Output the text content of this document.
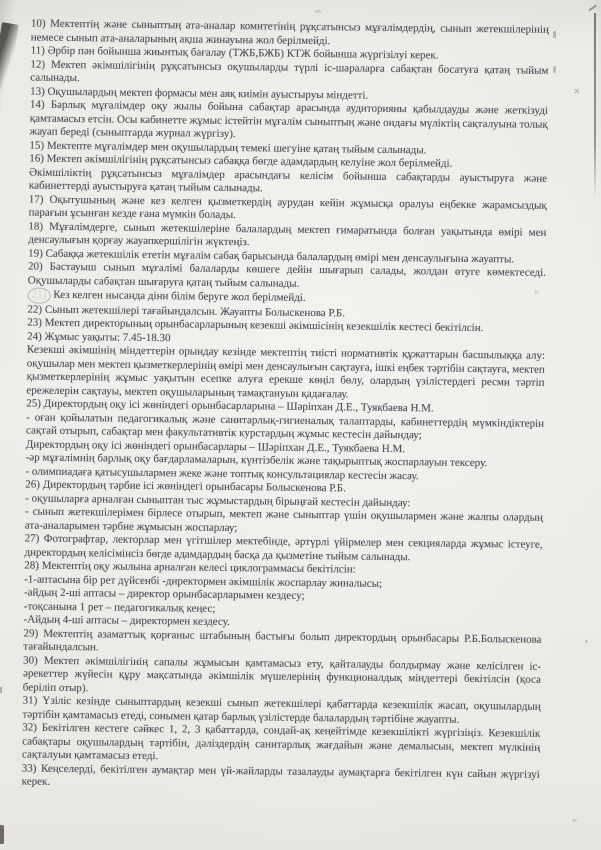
×
×

10) Мектептің және сыныптың ата-аналар комитетінің рұқсатынсыз мұғалімдердің, сынып жетекшілерінің немесе сынып ата-аналарының ақша жинауына жол берілмейді.

11) Әрбір пән бойынша жиынтық бағалау (ТЖБ,БЖБ) КТЖ бойынша жүргізілуі керек.

12) Мектеп әкімшілігінің рұқсатынсыз оқушыларды түрлі іс-шараларға сабақтан босатуға қатаң тыйым салынады.

13) Оқушылардың мектеп формасы мен аяқ киімін ауыстыруы міндетті.

14) Барлық мұғалімдер оқу жылы бойына сабақтар арасында аудиторияны қабылдауды және жеткізуді қамтамасыз етсін. Осы кабинетте жұмыс істейтін мұғалім сыныптың және ондағы мүліктің сақталуына толық жауап береді (сыныптарда журнал жүргізу).

15) Мектепте мұғалімдер мен оқушылардың темекі шегуіне қатаң тыйым салынады.

16) Мектеп әкімшілігінің рұқсатынсыз сабаққа бөгде адамдардың келуіне жол берілмейді.

Әкімшіліктің рұқсатынсыз мұғалімдер арасындағы келісім бойынша сабақтарды ауыстыруға және кабинеттерді ауыстыруға қатаң тыйым салынады.

17) Оқытушының және кез келген қызметкердің аурудан кейін жұмысқа оралуы еңбекке жарамсыздық парағын ұсынған кезде ғана мүмкін болады.

18) Мұғалімдерге, сынып жетекшілеріне балалардың мектеп ғимаратында болған уақытында өмірі мен денсаулығын қорғау жауапкершілігін жүктеңіз.

19) Сабаққа жетекшілік ететін мұғалім сабақ барысында балалардың өмірі мен денсаулығына жауапты.

20) Бастауыш сынып мұғалімі балаларды көшеге дейін шығарып салады, жолдан өтуге көмектеседі. Оқушыларды сабақтан шығаруға қатаң тыйым салынады.

21) Кез келген нысанда діни білім беруге жол берілмейді.

22) Сынып жетекшілері тағайындалсын. Жауапты Болыскенова Р.Б.

23) Мектеп директорының орынбасарларының кезекші әкімшісінің кезекшілік кестесі бекітілсін.

24) Жұмыс уақыты: 7.45-18.30

Кезекші әкімшінің міндеттерін орындау кезінде мектептің тиісті нормативтік құжаттарын басшылыққа алу: оқушылар мен мектеп қызметкерлерінің өмірі мен денсаулығын сақтауға, ішкі еңбек тәртібін сақтауға, мектеп қызметкерлерінің жұмыс уақытын есепке алуға ерекше көңіл бөлу, олардың үзілістердегі ресми тәртіп ережелерін сақтауы, мектеп оқушыларының тамақтануын қадағалау.

25) Директордың оқу ісі жөніндегі орынбасарларына – Шәріпхан Д.Е., Туякбаева Н.М.

- оған қойылатын педагогикалық және санитарлық-гигиеналық талаптарды, кабинеттердің мүмкіндіктерін сақтай отырып, сабақтар мен факультативтік курстардың жұмыс кестесін дайындау;

Директордың оқу ісі жөніндегі орынбасарлары – Шәріпхан Д.Е., Туякбаева Н.М.

-әр мұғалімнің барлық оқу бағдарламаларын, күнтізбелік және тақырыптық жоспарлауын тексеру.

- олимпиадаға қатысушылармен жеке және топтық консультациялар кестесін жасау.

26) Директордың тәрбие ісі жөніндегі орынбасары Болыскенова Р.Б.

- оқушыларға арналған сыныптан тыс жұмыстардың бірыңғай кестесін дайындау:

- сынып жетекшілерімен бірлесе отырып, мектеп және сыныптар үшін оқушылармен және жалпы олардың ата-аналарымен тәрбие жұмысын жоспарлау;

27) Фотографтар, лекторлар мен үгітшілер мектебінде, әртүрлі үйірмелер мен секцияларда жұмыс істеуге, директордың келісімінсіз бөгде адамдардың басқа да қызметіне тыйым салынады.

28) Мектептің оқу жылына арналған келесі циклограммасы бекітілсін:

-1-аптасына бір рет дүйсенбі -директормен әкімшілік жоспарлау жиналысы;

-айдың 2-ші аптасы – директор орынбасарларымен кездесу;

-тоқсанына 1 рет – педагогикалық кеңес;

-Айдың 4-ші аптасы – директормен кездесу.

29) Мектептің азаматтық қорғаныс штабының бастығы болып директордың орынбасары Р.Б.Болыскенова тағайындалсын.

30) Мектеп әкімшілігінің сапалы жұмысын қамтамасыз ету, қайталауды болдырмау және келісілген іс-әрекеттер жүйесін құру мақсатында әкімшілік мүшелерінің функционалдық міндеттері бекітілсін (қоса беріліп отыр).

31) Үзіліс кезінде сыныптардың кезекші сынып жетекшілері қабаттарда кезекшілік жасап, оқушылардың тәртібін қамтамасыз етеді, сонымен қатар барлық үзілістерде балалардың тәртібіне жауапты.

32) Бекітілген кестеге сәйкес 1, 2, 3 қабаттарда, сондай-ақ кеңейтімде кезекшілікті жүргізіңіз. Кезекшілік сабақтары оқушылардың тәртібін, дәліздердің санитарлық жағдайын және демалысын, мектеп мүлкінің сақталуын қамтамасыз етеді.

33) Кеңселерді, бекітілген аумақтар мен үй-жайларды тазалауды аумақтарға бекітілген күн сайын жүргізуі керек.
